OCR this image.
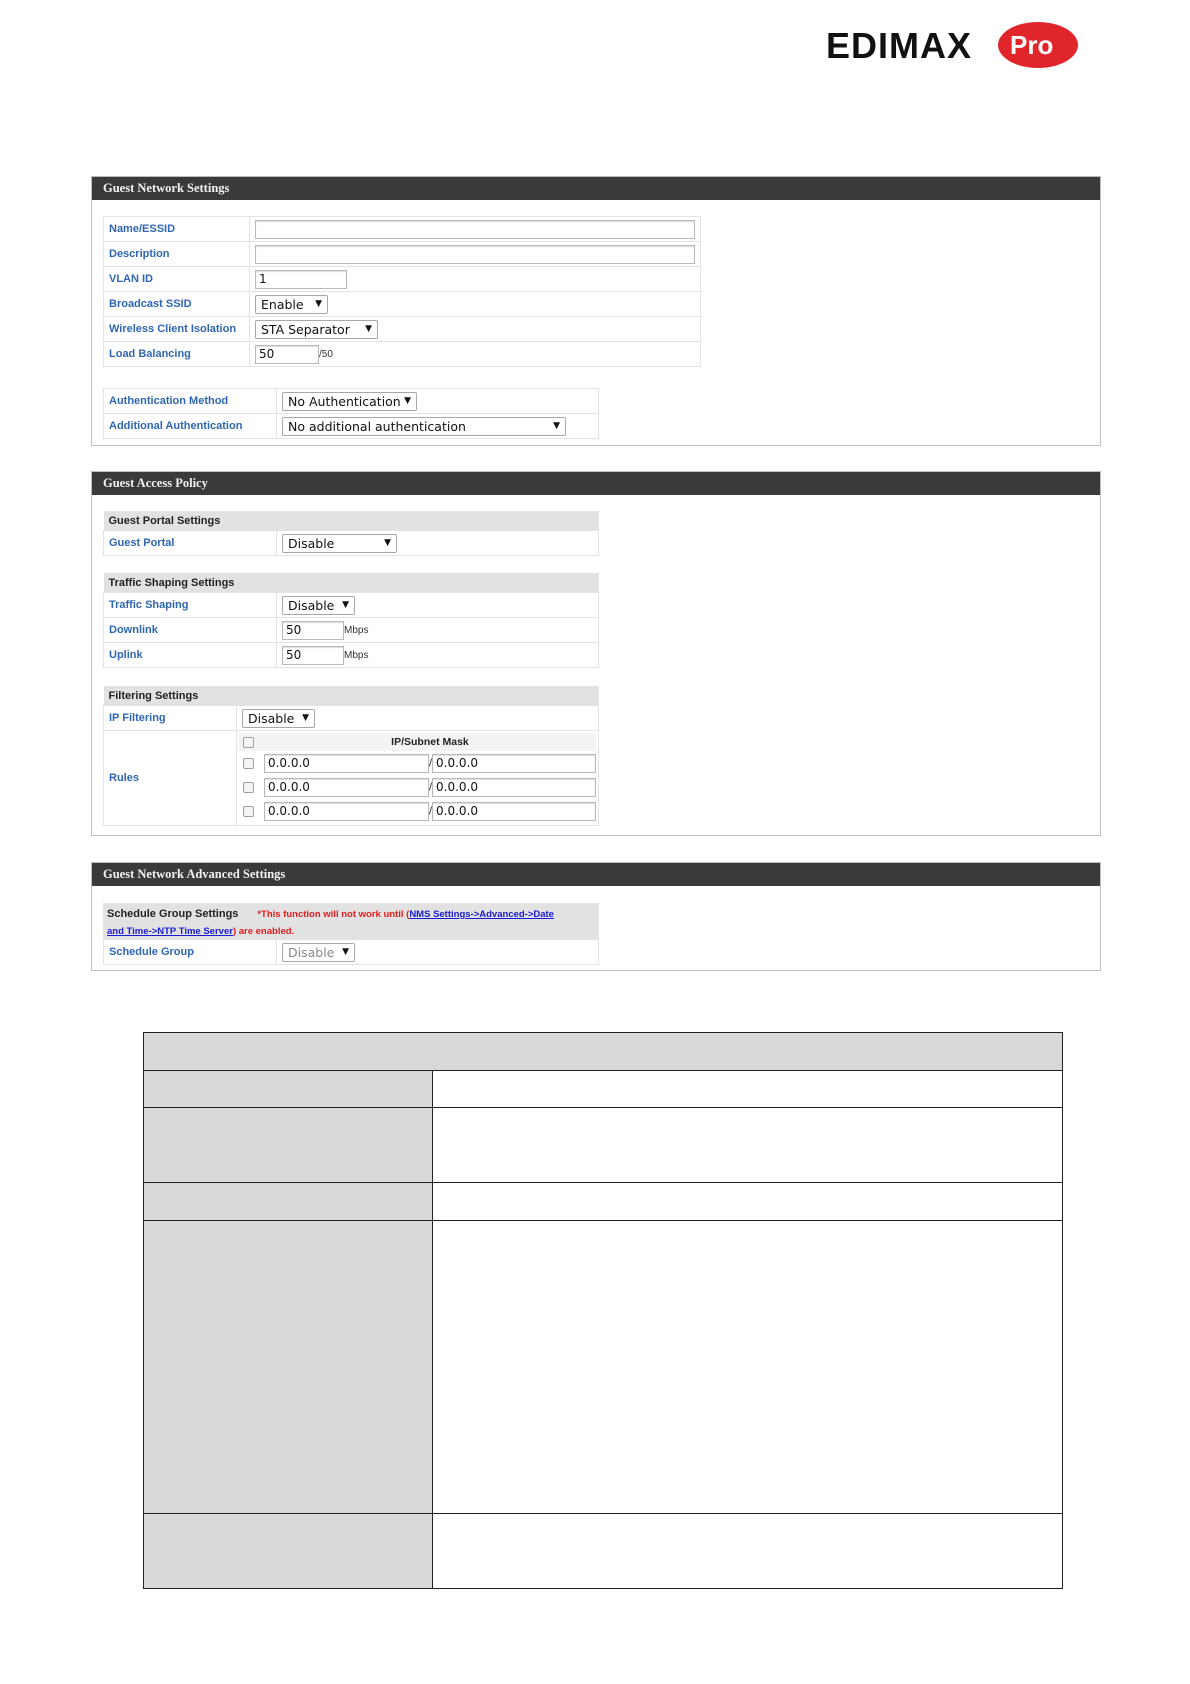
EDIMAX Pro
Guest Network Settings
Name/ESSID	
Description	
VLAN ID	1
Broadcast SSID	Enable ▼

Wireless Client Isolation	STA Separator ▼

Load Balancing	50 /50
Authentication Method	No Authentication ▼

Additional Authentication	No additional authentication ▼
Guest Access Policy
Guest Portal Settings
Guest Portal	Disable	▼
Traffic Shaping Settings	
Traffic Shaping	Disable ▼

Downlink	50 Mbps
Uplink	50 Mbps
Filtering Settings
IP Filtering	Disable ▼

Rules	
	IP/Subnet Mask
	0.0.0.0	/	0.0.0.0
	0.0.0.0	/	0.0.0.0
	0.0.0.0	/	0.0.0.0
Guest Network Advanced Settings
Schedule Group Settings *This function will not work until (NMS Settings->Advanced->Date
and Time->NTP Time Server) are enabled.
Schedule Group	Disable ▼
